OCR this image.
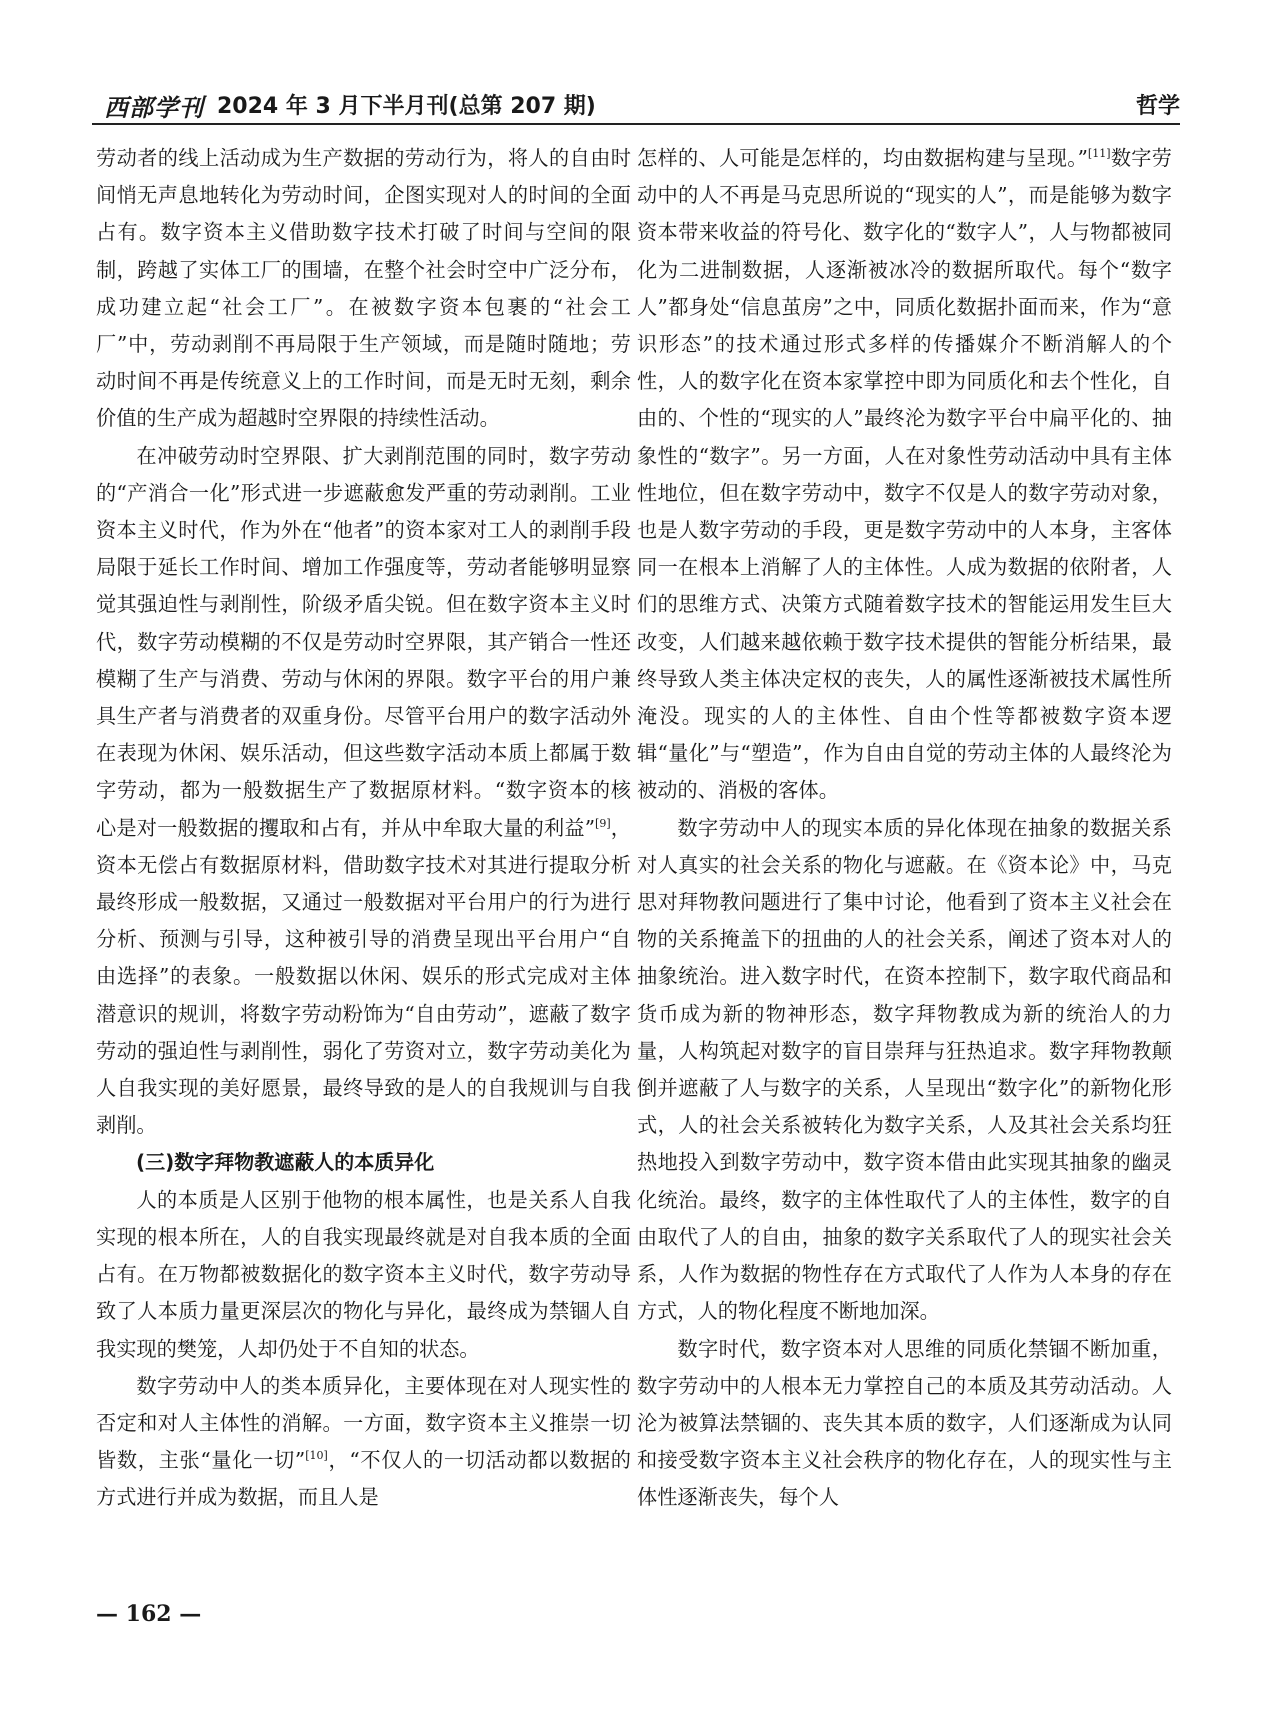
西部学刊 2024 年 3 月下半月刊(总第 207 期)	哲学

劳动者的线上活动成为生产数据的劳动行为，将人的自由时间悄无声息地转化为劳动时间，企图实现对人的时间的全面占有。数字资本主义借助数字技术打破了时间与空间的限制，跨越了实体工厂的围墙，在整个社会时空中广泛分布，成功建立起“社会工厂”。在被数字资本包裹的“社会工厂”中，劳动剥削不再局限于生产领域，而是随时随地；劳动时间不再是传统意义上的工作时间，而是无时无刻，剩余价值的生产成为超越时空界限的持续性活动。

在冲破劳动时空界限、扩大剥削范围的同时，数字劳动的“产消合一化”形式进一步遮蔽愈发严重的劳动剥削。工业资本主义时代，作为外在“他者”的资本家对工人的剥削手段局限于延长工作时间、增加工作强度等，劳动者能够明显察觉其强迫性与剥削性，阶级矛盾尖锐。但在数字资本主义时代，数字劳动模糊的不仅是劳动时空界限，其产销合一性还模糊了生产与消费、劳动与休闲的界限。数字平台的用户兼具生产者与消费者的双重身份。尽管平台用户的数字活动外在表现为休闲、娱乐活动，但这些数字活动本质上都属于数字劳动，都为一般数据生产了数据原材料。“数字资本的核心是对一般数据的攫取和占有，并从中牟取大量的利益”[9]，资本无偿占有数据原材料，借助数字技术对其进行提取分析最终形成一般数据，又通过一般数据对平台用户的行为进行分析、预测与引导，这种被引导的消费呈现出平台用户“自由选择”的表象。一般数据以休闲、娱乐的形式完成对主体潜意识的规训，将数字劳动粉饰为“自由劳动”，遮蔽了数字劳动的强迫性与剥削性，弱化了劳资对立，数字劳动美化为人自我实现的美好愿景，最终导致的是人的自我规训与自我剥削。

(三)数字拜物教遮蔽人的本质异化

人的本质是人区别于他物的根本属性，也是关系人自我实现的根本所在，人的自我实现最终就是对自我本质的全面占有。在万物都被数据化的数字资本主义时代，数字劳动导致了人本质力量更深层次的物化与异化，最终成为禁锢人自我实现的樊笼，人却仍处于不自知的状态。

数字劳动中人的类本质异化，主要体现在对人现实性的否定和对人主体性的消解。一方面，数字资本主义推崇一切皆数，主张“量化一切”[10]，“不仅人的一切活动都以数据的方式进行并成为数据，而且人是

怎样的、人可能是怎样的，均由数据构建与呈现。”[11]数字劳动中的人不再是马克思所说的“现实的人”，而是能够为数字资本带来收益的符号化、数字化的“数字人”，人与物都被同化为二进制数据，人逐渐被冰冷的数据所取代。每个“数字人”都身处“信息茧房”之中，同质化数据扑面而来，作为“意识形态”的技术通过形式多样的传播媒介不断消解人的个性，人的数字化在资本家掌控中即为同质化和去个性化，自由的、个性的“现实的人”最终沦为数字平台中扁平化的、抽象性的“数字”。另一方面，人在对象性劳动活动中具有主体性地位，但在数字劳动中，数字不仅是人的数字劳动对象，也是人数字劳动的手段，更是数字劳动中的人本身，主客体同一在根本上消解了人的主体性。人成为数据的依附者，人们的思维方式、决策方式随着数字技术的智能运用发生巨大改变，人们越来越依赖于数字技术提供的智能分析结果，最终导致人类主体决定权的丧失，人的属性逐渐被技术属性所淹没。现实的人的主体性、自由个性等都被数字资本逻辑“量化”与“塑造”，作为自由自觉的劳动主体的人最终沦为被动的、消极的客体。

数字劳动中人的现实本质的异化体现在抽象的数据关系对人真实的社会关系的物化与遮蔽。在《资本论》中，马克思对拜物教问题进行了集中讨论，他看到了资本主义社会在物的关系掩盖下的扭曲的人的社会关系，阐述了资本对人的抽象统治。进入数字时代，在资本控制下，数字取代商品和货币成为新的物神形态，数字拜物教成为新的统治人的力量，人构筑起对数字的盲目崇拜与狂热追求。数字拜物教颠倒并遮蔽了人与数字的关系，人呈现出“数字化”的新物化形式，人的社会关系被转化为数字关系，人及其社会关系均狂热地投入到数字劳动中，数字资本借由此实现其抽象的幽灵化统治。最终，数字的主体性取代了人的主体性，数字的自由取代了人的自由，抽象的数字关系取代了人的现实社会关系，人作为数据的物性存在方式取代了人作为人本身的存在方式，人的物化程度不断地加深。

数字时代，数字资本对人思维的同质化禁锢不断加重，数字劳动中的人根本无力掌控自己的本质及其劳动活动。人沦为被算法禁锢的、丧失其本质的数字，人们逐渐成为认同和接受数字资本主义社会秩序的物化存在，人的现实性与主体性逐渐丧失，每个人

— 162 —
